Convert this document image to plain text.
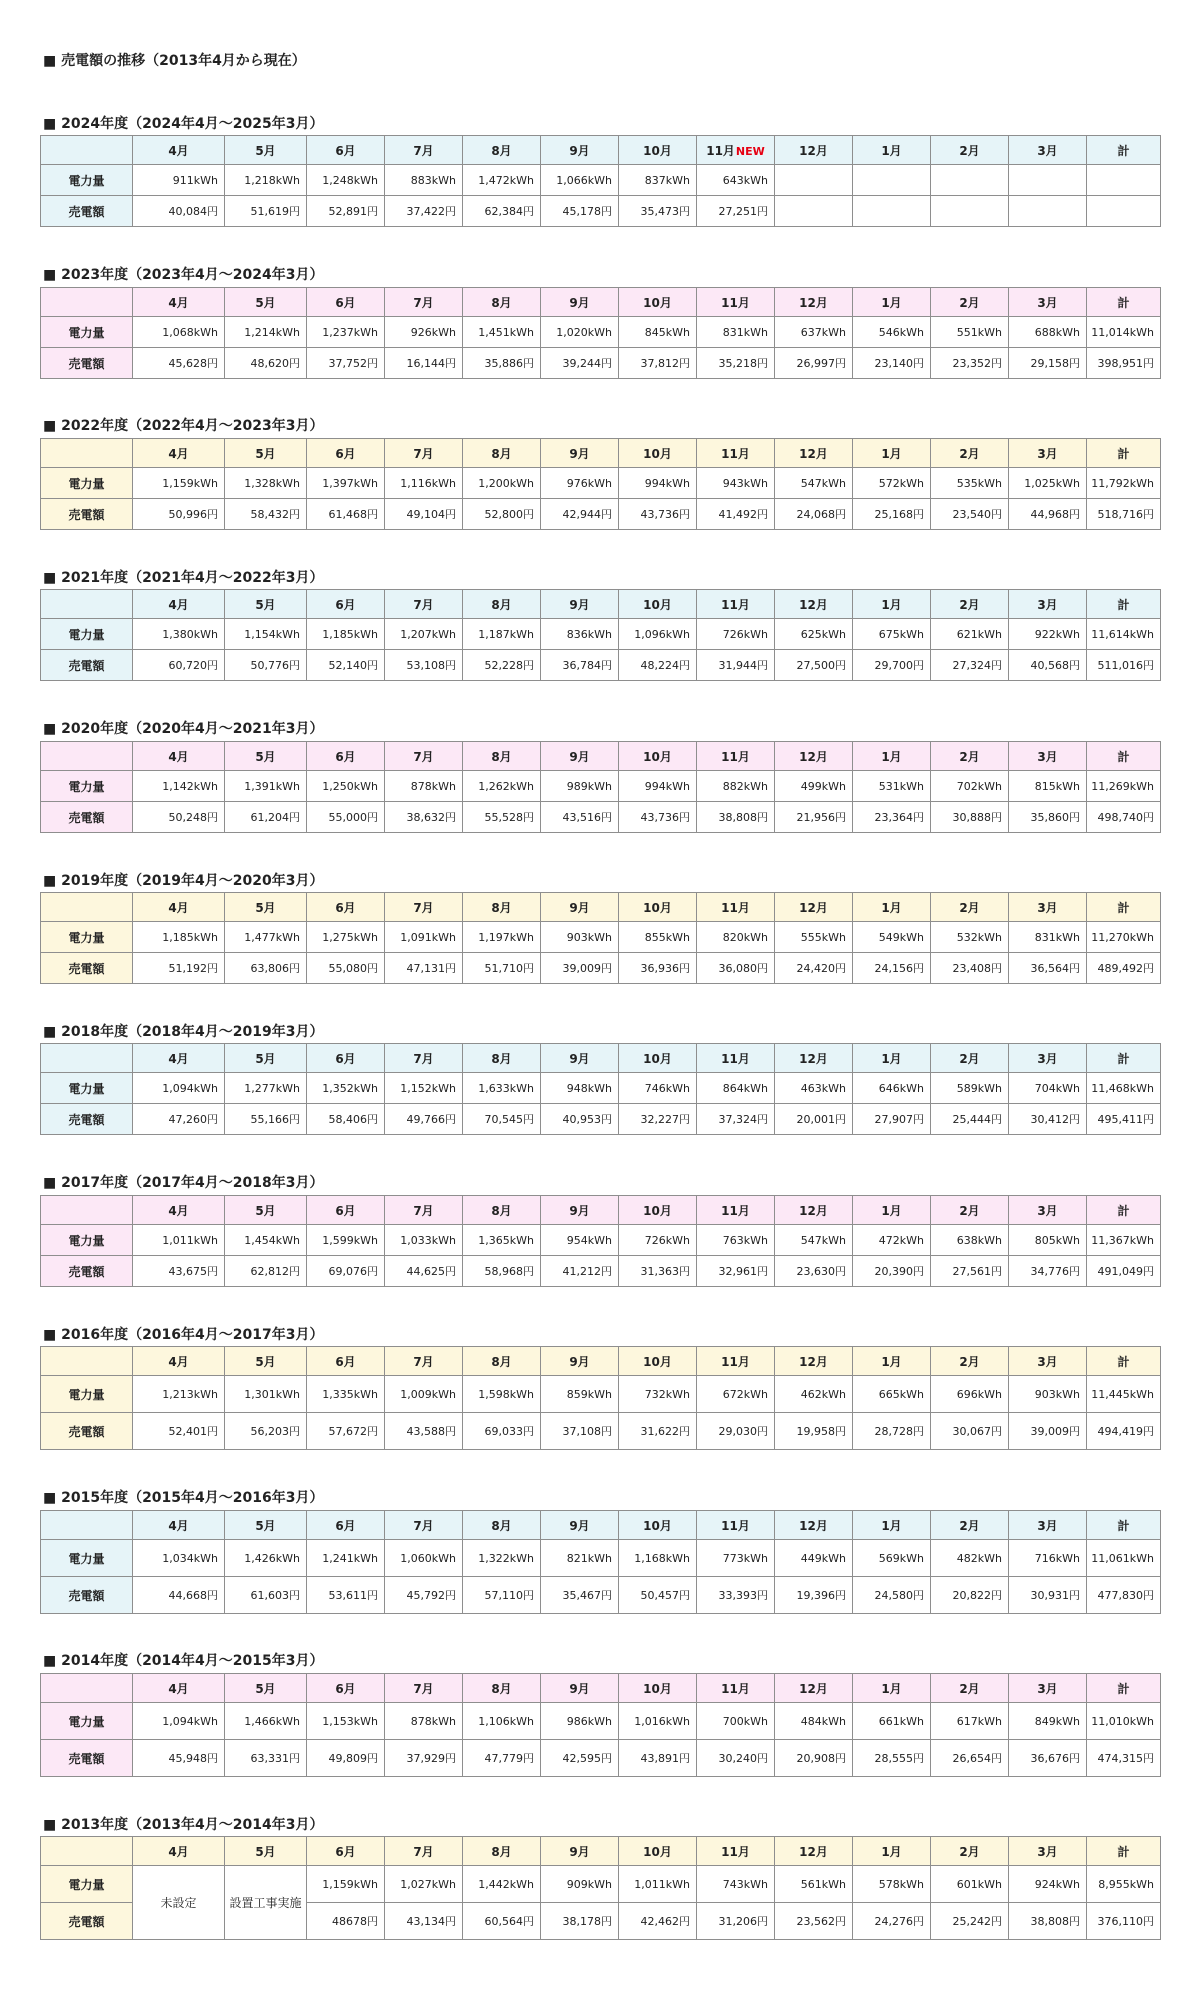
■ 売電額の推移（2013年4月から現在）
■ 2024年度（2024年4月～2025年3月）
	4月	5月	6月	7月	8月	9月	10月	11月NEW	12月	1月	2月	3月	計
電力量	911kWh	1,218kWh	1,248kWh	883kWh	1,472kWh	1,066kWh	837kWh	643kWh					
売電額	40,084円	51,619円	52,891円	37,422円	62,384円	45,178円	35,473円	27,251円					
■ 2023年度（2023年4月～2024年3月）
	4月	5月	6月	7月	8月	9月	10月	11月	12月	1月	2月	3月	計
電力量	1,068kWh	1,214kWh	1,237kWh	926kWh	1,451kWh	1,020kWh	845kWh	831kWh	637kWh	546kWh	551kWh	688kWh	11,014kWh
売電額	45,628円	48,620円	37,752円	16,144円	35,886円	39,244円	37,812円	35,218円	26,997円	23,140円	23,352円	29,158円	398,951円
■ 2022年度（2022年4月～2023年3月）
	4月	5月	6月	7月	8月	9月	10月	11月	12月	1月	2月	3月	計
電力量	1,159kWh	1,328kWh	1,397kWh	1,116kWh	1,200kWh	976kWh	994kWh	943kWh	547kWh	572kWh	535kWh	1,025kWh	11,792kWh
売電額	50,996円	58,432円	61,468円	49,104円	52,800円	42,944円	43,736円	41,492円	24,068円	25,168円	23,540円	44,968円	518,716円
■ 2021年度（2021年4月～2022年3月）
	4月	5月	6月	7月	8月	9月	10月	11月	12月	1月	2月	3月	計
電力量	1,380kWh	1,154kWh	1,185kWh	1,207kWh	1,187kWh	836kWh	1,096kWh	726kWh	625kWh	675kWh	621kWh	922kWh	11,614kWh
売電額	60,720円	50,776円	52,140円	53,108円	52,228円	36,784円	48,224円	31,944円	27,500円	29,700円	27,324円	40,568円	511,016円
■ 2020年度（2020年4月～2021年3月）
	4月	5月	6月	7月	8月	9月	10月	11月	12月	1月	2月	3月	計
電力量	1,142kWh	1,391kWh	1,250kWh	878kWh	1,262kWh	989kWh	994kWh	882kWh	499kWh	531kWh	702kWh	815kWh	11,269kWh
売電額	50,248円	61,204円	55,000円	38,632円	55,528円	43,516円	43,736円	38,808円	21,956円	23,364円	30,888円	35,860円	498,740円
■ 2019年度（2019年4月～2020年3月）
	4月	5月	6月	7月	8月	9月	10月	11月	12月	1月	2月	3月	計
電力量	1,185kWh	1,477kWh	1,275kWh	1,091kWh	1,197kWh	903kWh	855kWh	820kWh	555kWh	549kWh	532kWh	831kWh	11,270kWh
売電額	51,192円	63,806円	55,080円	47,131円	51,710円	39,009円	36,936円	36,080円	24,420円	24,156円	23,408円	36,564円	489,492円
■ 2018年度（2018年4月～2019年3月）
	4月	5月	6月	7月	8月	9月	10月	11月	12月	1月	2月	3月	計
電力量	1,094kWh	1,277kWh	1,352kWh	1,152kWh	1,633kWh	948kWh	746kWh	864kWh	463kWh	646kWh	589kWh	704kWh	11,468kWh
売電額	47,260円	55,166円	58,406円	49,766円	70,545円	40,953円	32,227円	37,324円	20,001円	27,907円	25,444円	30,412円	495,411円
■ 2017年度（2017年4月～2018年3月）
	4月	5月	6月	7月	8月	9月	10月	11月	12月	1月	2月	3月	計
電力量	1,011kWh	1,454kWh	1,599kWh	1,033kWh	1,365kWh	954kWh	726kWh	763kWh	547kWh	472kWh	638kWh	805kWh	11,367kWh
売電額	43,675円	62,812円	69,076円	44,625円	58,968円	41,212円	31,363円	32,961円	23,630円	20,390円	27,561円	34,776円	491,049円
■ 2016年度（2016年4月～2017年3月）
	4月	5月	6月	7月	8月	9月	10月	11月	12月	1月	2月	3月	計
電力量	1,213kWh	1,301kWh	1,335kWh	1,009kWh	1,598kWh	859kWh	732kWh	672kWh	462kWh	665kWh	696kWh	903kWh	11,445kWh
売電額	52,401円	56,203円	57,672円	43,588円	69,033円	37,108円	31,622円	29,030円	19,958円	28,728円	30,067円	39,009円	494,419円
■ 2015年度（2015年4月～2016年3月）
	4月	5月	6月	7月	8月	9月	10月	11月	12月	1月	2月	3月	計
電力量	1,034kWh	1,426kWh	1,241kWh	1,060kWh	1,322kWh	821kWh	1,168kWh	773kWh	449kWh	569kWh	482kWh	716kWh	11,061kWh
売電額	44,668円	61,603円	53,611円	45,792円	57,110円	35,467円	50,457円	33,393円	19,396円	24,580円	20,822円	30,931円	477,830円
■ 2014年度（2014年4月～2015年3月）
	4月	5月	6月	7月	8月	9月	10月	11月	12月	1月	2月	3月	計
電力量	1,094kWh	1,466kWh	1,153kWh	878kWh	1,106kWh	986kWh	1,016kWh	700kWh	484kWh	661kWh	617kWh	849kWh	11,010kWh
売電額	45,948円	63,331円	49,809円	37,929円	47,779円	42,595円	43,891円	30,240円	20,908円	28,555円	26,654円	36,676円	474,315円
■ 2013年度（2013年4月～2014年3月）
	4月	5月	6月	7月	8月	9月	10月	11月	12月	1月	2月	3月	計
電力量	未設定	設置工事実施	1,159kWh	1,027kWh	1,442kWh	909kWh	1,011kWh	743kWh	561kWh	578kWh	601kWh	924kWh	8,955kWh
売電額			48678円	43,134円	60,564円	38,178円	42,462円	31,206円	23,562円	24,276円	25,242円	38,808円	376,110円
